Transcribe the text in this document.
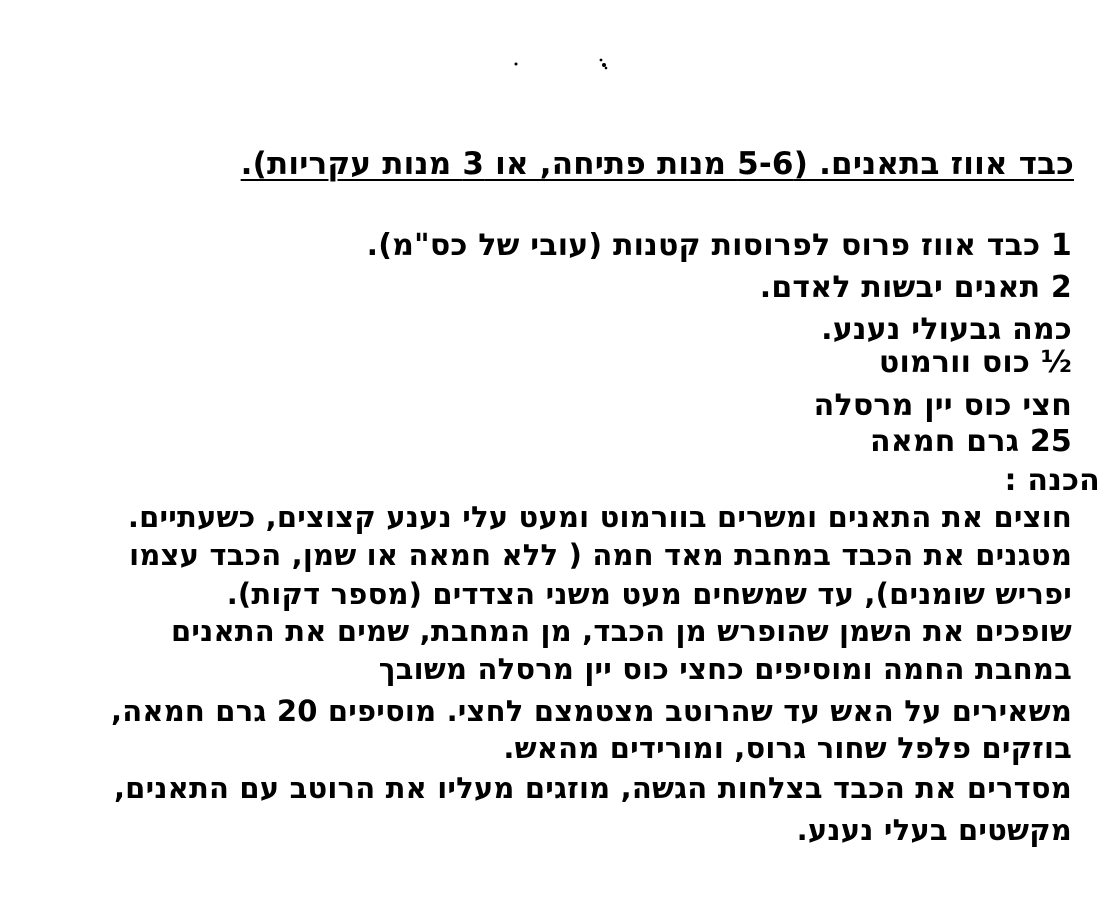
כבד אווז בתאנים. (5-6 מנות פתיחה, או 3 מנות עקריות).
1 כבד אווז פרוס לפרוסות קטנות (עובי של כס"מ).
2 תאנים יבשות לאדם.
כמה גבעולי נענע.
½ כוס וורמוט
חצי כוס יין מרסלה
25 גרם חמאה
הכנה :
חוצים את התאנים ומשרים בוורמוט ומעט עלי נענע קצוצים, כשעתיים.
מטגנים את הכבד במחבת מאד חמה ( ללא חמאה או שמן, הכבד עצמו
יפריש שומנים), עד שמשחים מעט משני הצדדים (מספר דקות).
שופכים את השמן שהופרש מן הכבד, מן המחבת, שמים את התאנים
במחבת החמה ומוסיפים כחצי כוס יין מרסלה משובך
משאירים על האש עד שהרוטב מצטמצם לחצי. מוסיפים 20 גרם חמאה,
בוזקים פלפל שחור גרוס, ומורידים מהאש.
מסדרים את הכבד בצלחות הגשה, מוזגים מעליו את הרוטב עם התאנים,
מקשטים בעלי נענע.
